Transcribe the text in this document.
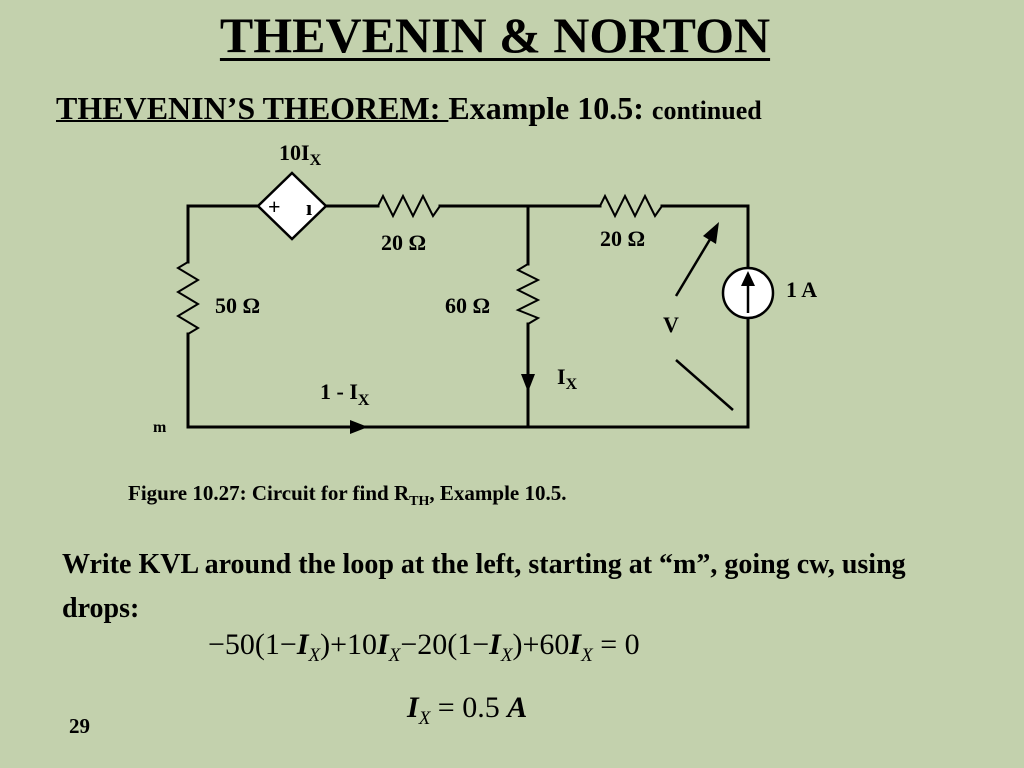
THEVENIN & NORTON
THEVENIN’S THEOREM: Example 10.5: continued
+ ı
$10I_X$
20 Ω	20 Ω
50 Ω	60 Ω
1 A
V
$I_X$
$1 - I_X$
m
Figure 10.27: Circuit for find $R_{TH}$, Example 10.5.
Write KVL around the loop at the left, starting at “m”, going cw, using drops:
$-50(1-I_X)+10I_X-20(1-I_X)+60I_X = 0$
$I_X = 0.5$ A
29
